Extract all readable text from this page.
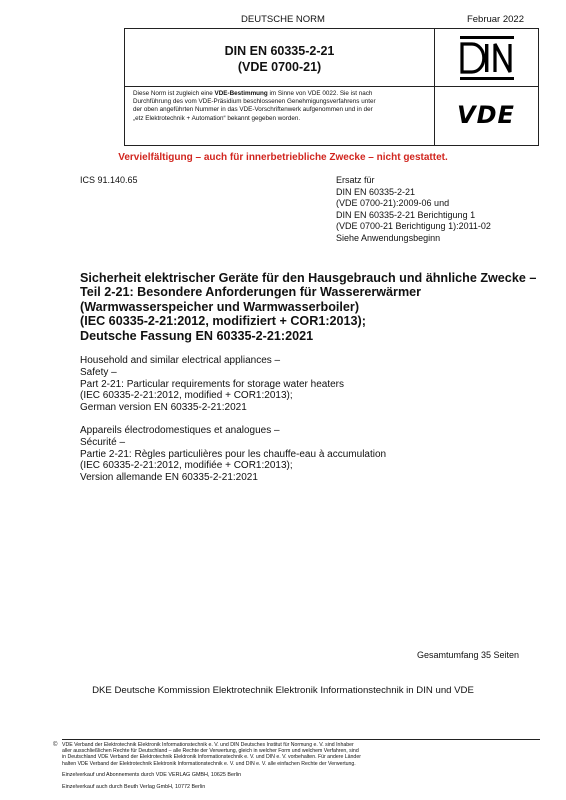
DEUTSCHE NORM	Februar 2022
DIN EN 60335-2-21
(VDE 0700-21)
Diese Norm ist zugleich eine VDE-Bestimmung im Sinne von VDE 0022. Sie ist nach
Durchführung des vom VDE-Präsidium beschlossenen Genehmigungsverfahrens unter
der oben angeführten Nummer in das VDE-Vorschriftenwerk aufgenommen und in der
„etz Elektrotechnik + Automation“ bekannt gegeben worden.	VDE
Vervielfältigung – auch für innerbetriebliche Zwecke – nicht gestattet.
ICS 91.140.65	Ersatz für
DIN EN 60335-2-21
(VDE 0700-21):2009-06 und
DIN EN 60335-2-21 Berichtigung 1
(VDE 0700-21 Berichtigung 1):2011-02
Siehe Anwendungsbeginn
Sicherheit elektrischer Geräte für den Hausgebrauch und ähnliche Zwecke –
Teil 2-21: Besondere Anforderungen für Wassererwärmer
(Warmwasserspeicher und Warmwasserboiler)
(IEC 60335-2-21:2012, modifiziert + COR1:2013);
Deutsche Fassung EN 60335-2-21:2021
Household and similar electrical appliances –
Safety –
Part 2-21: Particular requirements for storage water heaters
(IEC 60335-2-21:2012, modified + COR1:2013);
German version EN 60335-2-21:2021
Appareils électrodomestiques et analogues –
Sécurité –
Partie 2-21: Règles particulières pour les chauffe-eau à accumulation
(IEC 60335-2-21:2012, modifiée + COR1:2013);
Version allemande EN 60335-2-21:2021
Gesamtumfang 35 Seiten
DKE Deutsche Kommission Elektrotechnik Elektronik Informationstechnik in DIN und VDE
© VDE Verband der Elektrotechnik Elektronik Informationstechnik e. V. und DIN Deutsches Institut für Normung e. V. sind Inhaber
aller ausschließlichen Rechte für Deutschland – alle Rechte der Verwertung, gleich in welcher Form und welchem Verfahren, sind
in Deutschland VDE Verband der Elektrotechnik Elektronik Informationstechnik e. V. und DIN e. V. vorbehalten. Für andere Länder
halten VDE Verband der Elektrotechnik Elektronik Informationstechnik e. V. und DIN e. V. alle einfachen Rechte der Verwertung.
Einzelverkauf und Abonnements durch VDE VERLAG GMBH, 10625 Berlin
Einzelverkauf auch durch Beuth Verlag GmbH, 10772 Berlin
